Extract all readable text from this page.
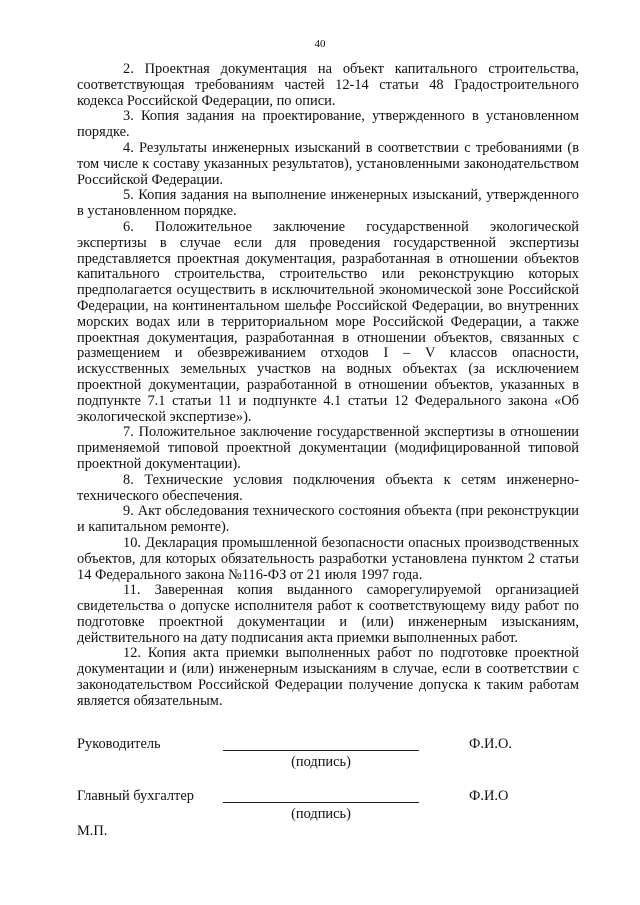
40

2. Проектная документация на объект капитального строительства, соответствующая требованиям частей 12-14 статьи 48 Градостроительного кодекса Российской Федерации, по описи.

3. Копия задания на проектирование, утвержденного в установленном порядке.

4. Результаты инженерных изысканий в соответствии с требованиями (в том числе к составу указанных результатов), установленными законодательством Российской Федерации.

5. Копия задания на выполнение инженерных изысканий, утвержденного в установленном порядке.

6. Положительное заключение государственной экологической экспертизы в случае если для проведения государственной экспертизы представляется проектная документация, разработанная в отношении объектов капитального строительства, строительство или реконструкцию которых предполагается осуществить в исключительной экономической зоне Российской Федерации, на континентальном шельфе Российской Федерации, во внутренних морских водах или в территориальном море Российской Федерации, а также проектная документация, разработанная в отношении объектов, связанных с размещением и обезвреживанием отходов I – V классов опасности, искусственных земельных участков на водных объектах (за исключением проектной документации, разработанной в отношении объектов, указанных в подпункте 7.1 статьи 11 и подпункте 4.1 статьи 12 Федерального закона «Об экологической экспертизе»).

7. Положительное заключение государственной экспертизы в отношении применяемой типовой проектной документации (модифицированной типовой проектной документации).

8. Технические условия подключения объекта к сетям инженерно-технического обеспечения.

9. Акт обследования технического состояния объекта (при реконструкции и капитальном ремонте).

10. Декларация промышленной безопасности опасных производственных объектов, для которых обязательность разработки установлена пунктом 2 статьи 14 Федерального закона №116-ФЗ от 21 июля 1997 года.

11. Заверенная копия выданного саморегулируемой организацией свидетельства о допуске исполнителя работ к соответствующему виду работ по подготовке проектной документации и (или) инженерным изысканиям, действительного на дату подписания акта приемки выполненных работ.

12. Копия акта приемки выполненных работ по подготовке проектной документации и (или) инженерным изысканиям в случае, если в соответствии с законодательством Российской Федерации получение допуска к таким работам является обязательным.

Руководитель	Ф.И.О.
(подпись)
Главный бухгалтер	Ф.И.О
(подпись)
М.П.
